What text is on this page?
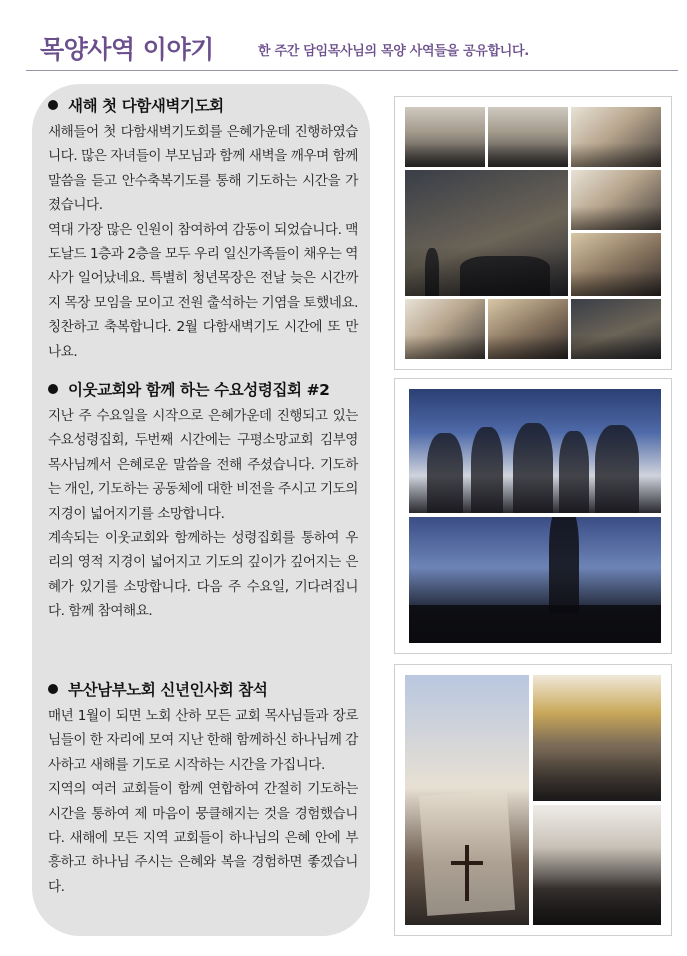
목양사역 이야기	한 주간 담임목사님의 목양 사역들을 공유합니다.
새해 첫 다함새벽기도회

새해들어 첫 다함새벽기도회를 은혜가운데 진행하였습니다. 많은 자녀들이 부모님과 함께 새벽을 깨우며 함께 말씀을 듣고 안수축복기도를 통해 기도하는 시간을 가졌습니다.

역대 가장 많은 인원이 참여하여 감동이 되었습니다. 맥도날드 1층과 2층을 모두 우리 일신가족들이 채우는 역사가 일어났네요. 특별히 청년목장은 전날 늦은 시간까지 목장 모임을 모이고 전원 출석하는 기염을 토했네요. 칭찬하고 축복합니다. 2월 다함새벽기도 시간에 또 만나요.

이웃교회와 함께 하는 수요성령집회 #2

지난 주 수요일을 시작으로 은혜가운데 진행되고 있는 수요성령집회, 두번째 시간에는 구평소망교회 김부영 목사님께서 은혜로운 말씀을 전해 주셨습니다. 기도하는 개인, 기도하는 공동체에 대한 비전을 주시고 기도의 지경이 넓어지기를 소망합니다.

계속되는 이웃교회와 함께하는 성령집회를 통하여 우리의 영적 지경이 넓어지고 기도의 깊이가 깊어지는 은혜가 있기를 소망합니다. 다음 주 수요일, 기다려집니다. 함께 참여해요.

부산남부노회 신년인사회 참석

매년 1월이 되면 노회 산하 모든 교회 목사님들과 장로님들이 한 자리에 모여 지난 한해 함께하신 하나님께 감사하고 새해를 기도로 시작하는 시간을 가집니다.

지역의 여러 교회들이 함께 연합하여 간절히 기도하는 시간을 통하여 제 마음이 뭉클해지는 것을 경험했습니다. 새해에 모든 지역 교회들이 하나님의 은혜 안에 부흥하고 하나님 주시는 은혜와 복을 경험하면 좋겠습니다.
